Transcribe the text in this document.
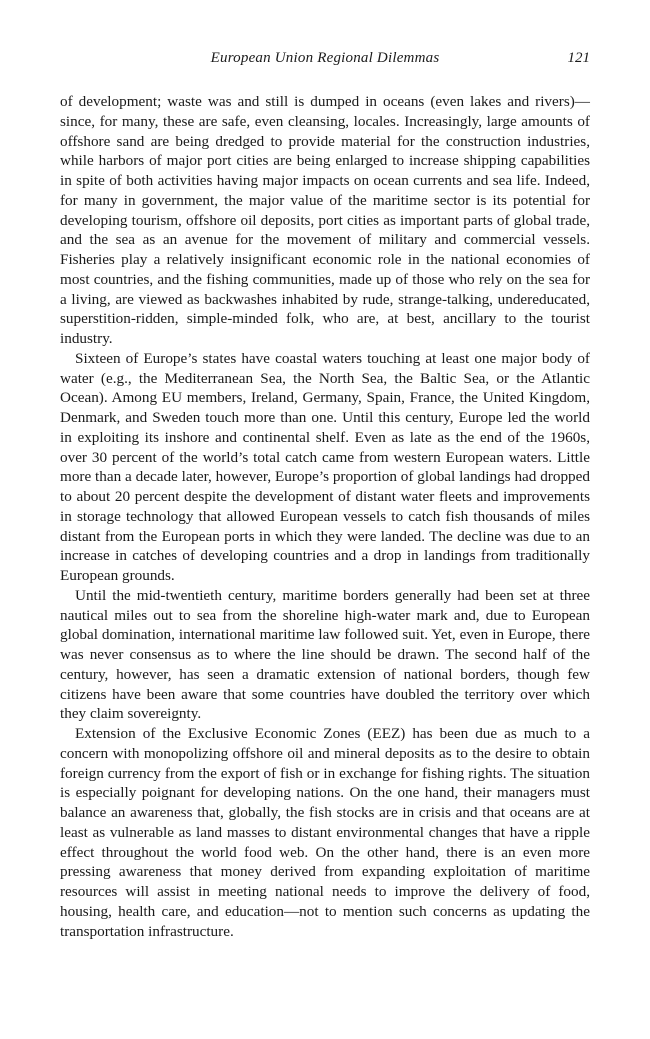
European Union Regional Dilemmas	121

of development; waste was and still is dumped in oceans (even lakes and rivers)—since, for many, these are safe, even cleansing, locales. Increasingly, large amounts of offshore sand are being dredged to provide material for the construction industries, while harbors of major port cities are being enlarged to increase shipping capabilities in spite of both activities having major impacts on ocean currents and sea life. Indeed, for many in government, the major value of the maritime sector is its potential for developing tourism, offshore oil deposits, port cities as important parts of global trade, and the sea as an avenue for the movement of military and commercial vessels. Fisheries play a relatively insignificant economic role in the national economies of most countries, and the fishing communities, made up of those who rely on the sea for a living, are viewed as backwashes inhabited by rude, strange-talking, undereducated, superstition-ridden, simple-minded folk, who are, at best, ancillary to the tourist industry.

Sixteen of Europe’s states have coastal waters touching at least one major body of water (e.g., the Mediterranean Sea, the North Sea, the Baltic Sea, or the Atlantic Ocean). Among EU members, Ireland, Germany, Spain, France, the United Kingdom, Denmark, and Sweden touch more than one. Until this century, Europe led the world in exploiting its inshore and continental shelf. Even as late as the end of the 1960s, over 30 percent of the world’s total catch came from western European waters. Little more than a decade later, however, Europe’s proportion of global landings had dropped to about 20 percent despite the development of distant water fleets and improvements in storage technology that allowed European vessels to catch fish thousands of miles distant from the European ports in which they were landed. The decline was due to an increase in catches of developing countries and a drop in landings from traditionally European grounds.

Until the mid-twentieth century, maritime borders generally had been set at three nautical miles out to sea from the shoreline high-water mark and, due to European global domination, international maritime law followed suit. Yet, even in Europe, there was never consensus as to where the line should be drawn. The second half of the century, however, has seen a dramatic extension of national borders, though few citizens have been aware that some countries have doubled the territory over which they claim sovereignty.

Extension of the Exclusive Economic Zones (EEZ) has been due as much to a concern with monopolizing offshore oil and mineral deposits as to the desire to obtain foreign currency from the export of fish or in exchange for fishing rights. The situation is especially poignant for developing nations. On the one hand, their managers must balance an awareness that, globally, the fish stocks are in crisis and that oceans are at least as vulnerable as land masses to distant environmental changes that have a ripple effect throughout the world food web. On the other hand, there is an even more pressing awareness that money derived from expanding exploitation of maritime resources will assist in meeting national needs to improve the delivery of food, housing, health care, and education—not to mention such concerns as updating the transportation infrastructure.
